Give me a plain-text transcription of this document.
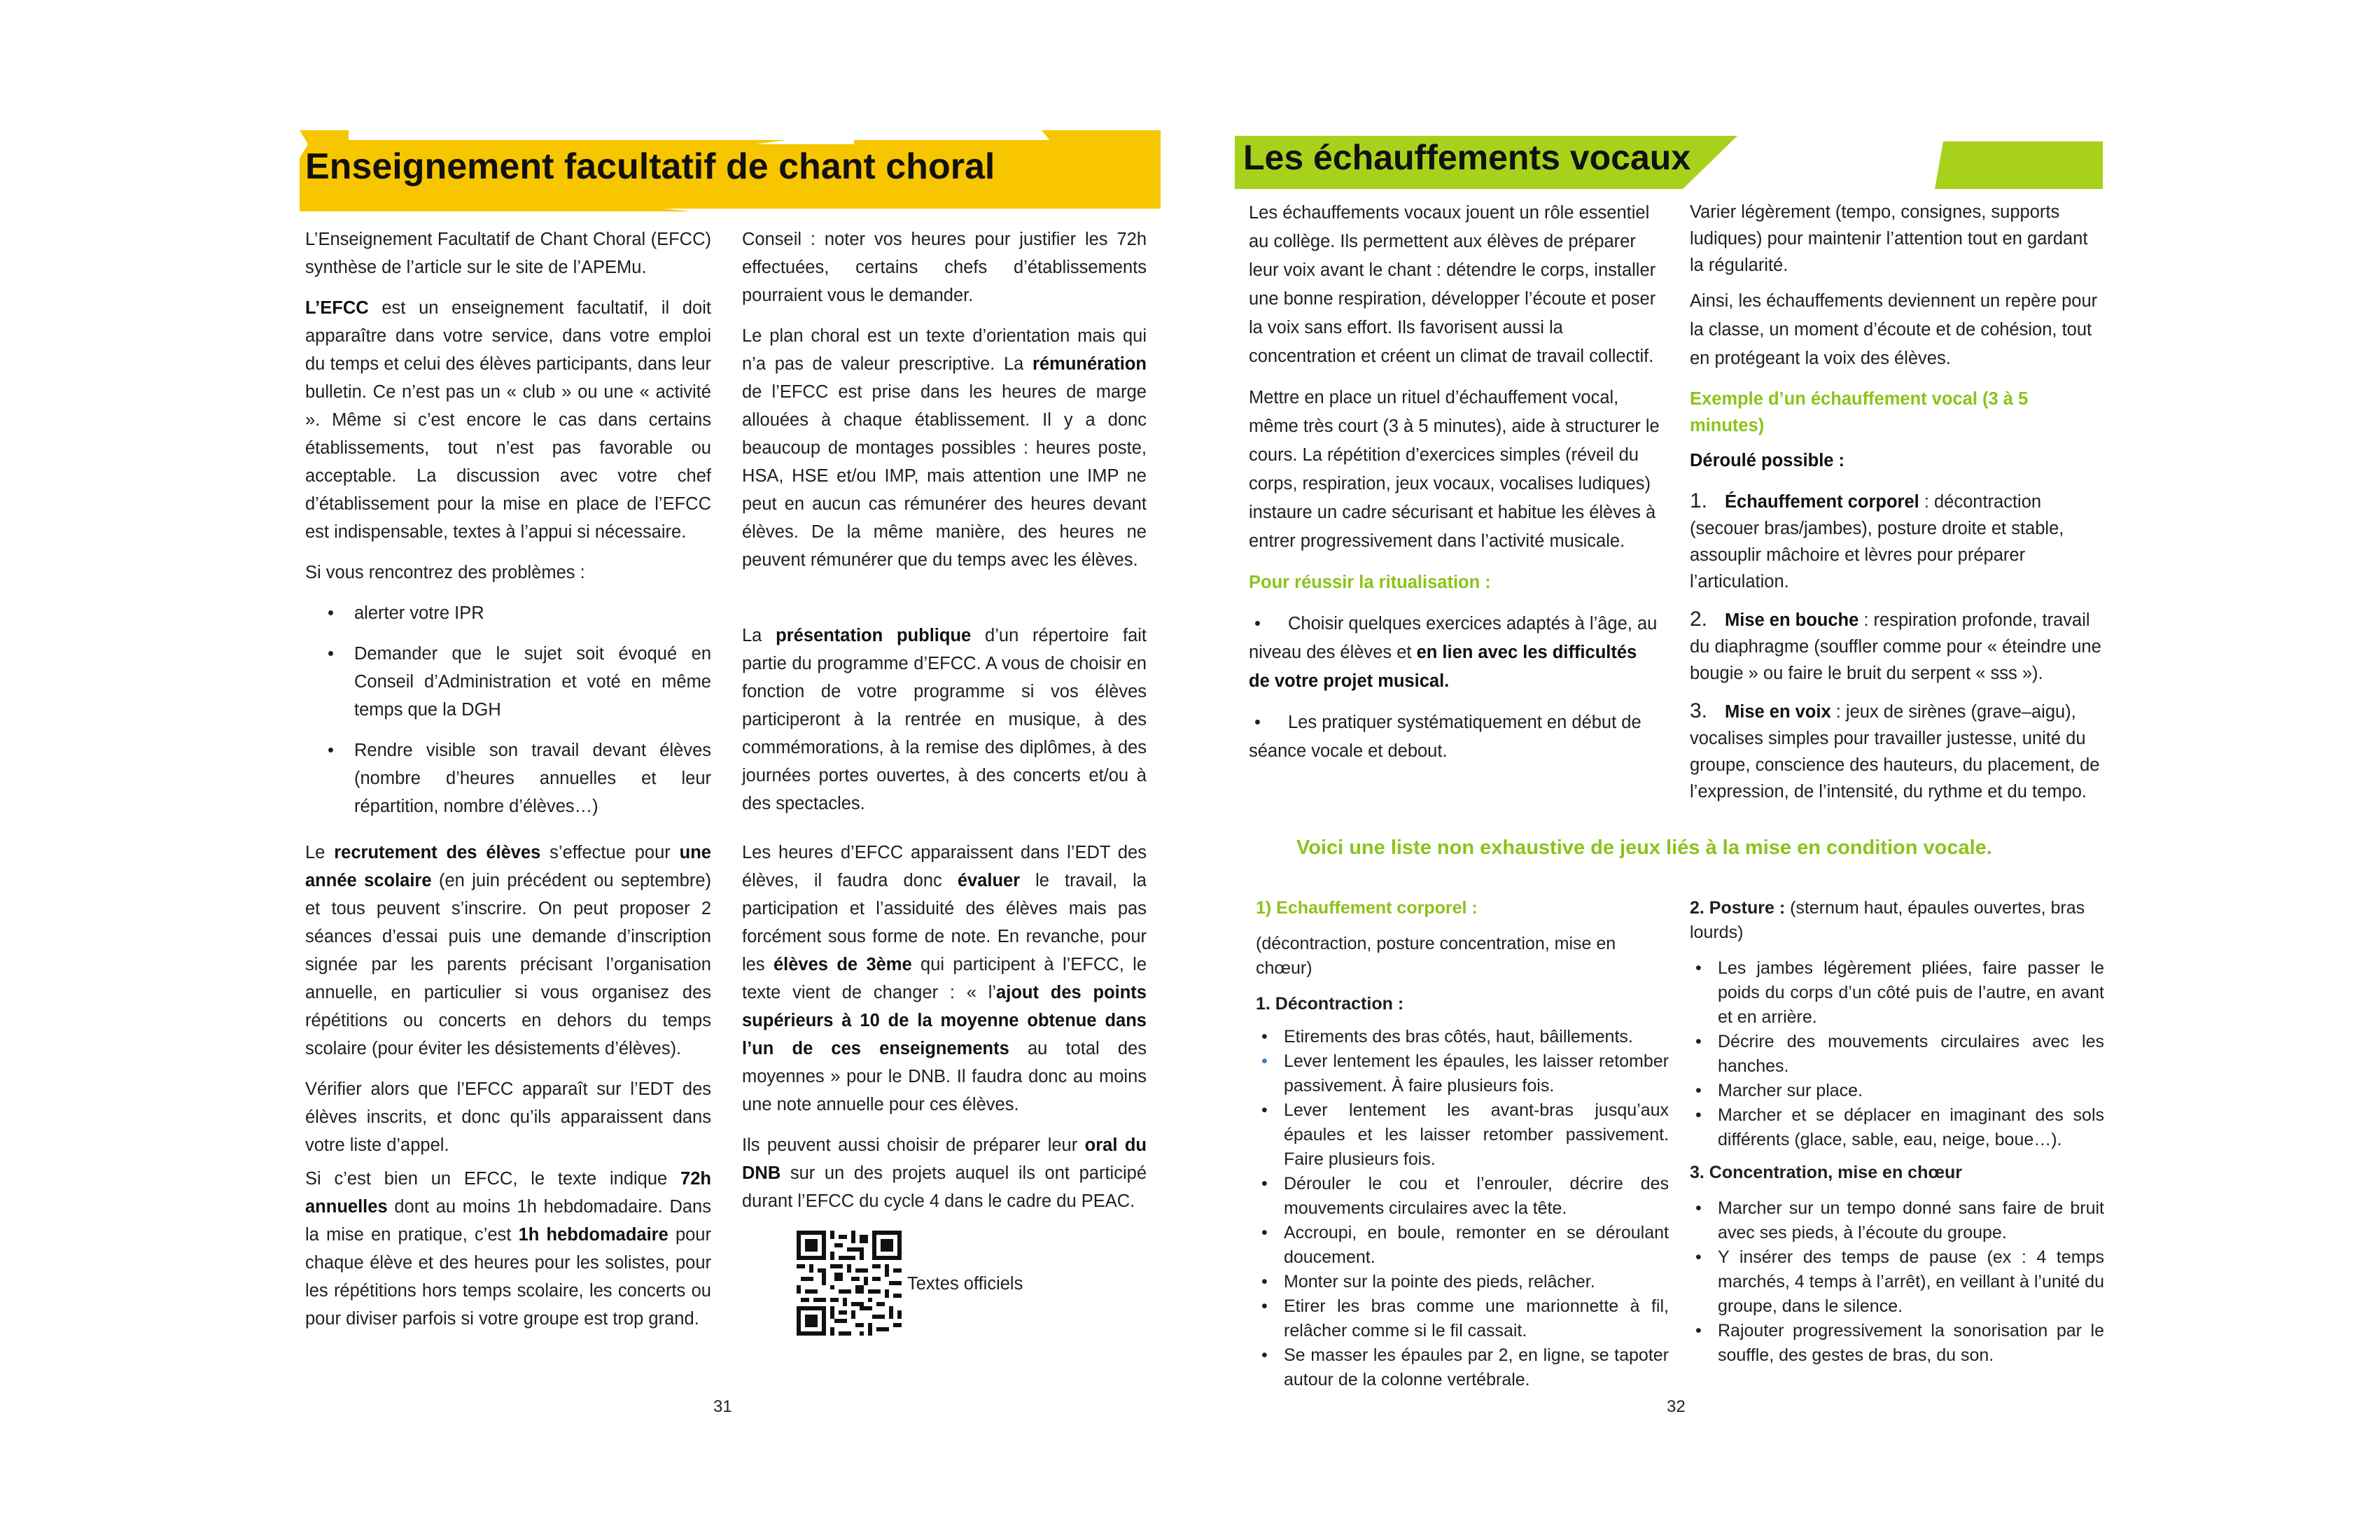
Enseignement facultatif de chant choral

L’Enseignement Facultatif de Chant Choral (EFCC) synthèse de l’article sur le site de l’APEMu.

L’EFCC est un enseignement facultatif, il doit apparaître dans votre service, dans votre emploi du temps et celui des élèves participants, dans leur bulletin. Ce n’est pas un « club » ou une « activité ». Même si c’est encore le cas dans certains établissements, tout n’est pas favorable ou acceptable. La discussion avec votre chef d’établissement pour la mise en place de l’EFCC est indispensable, textes à l’appui si nécessaire.

Si vous rencontrez des problèmes :

• alerter votre IPR
• Demander que le sujet soit évoqué en Conseil d’Administration et voté en même temps que la DGH
• Rendre visible son travail devant élèves (nombre d’heures annuelles et leur répartition, nombre d’élèves…)

Le recrutement des élèves s’effectue pour une année scolaire (en juin précédent ou septembre) et tous peuvent s’inscrire. On peut proposer 2 séances d’essai puis une demande d’inscription signée par les parents précisant l’organisation annuelle, en particulier si vous organisez des répétitions ou concerts en dehors du temps scolaire (pour éviter les désistements d’élèves).

Vérifier alors que l’EFCC apparaît sur l’EDT des élèves inscrits, et donc qu’ils apparaissent dans votre liste d’appel.

Si c’est bien un EFCC, le texte indique 72h annuelles dont au moins 1h hebdomadaire. Dans la mise en pratique, c’est 1h hebdomadaire pour chaque élève et des heures pour les solistes, pour les répétitions hors temps scolaire, les concerts ou pour diviser parfois si votre groupe est trop grand.

Conseil : noter vos heures pour justifier les 72h effectuées, certains chefs d’établissements pourraient vous le demander.

Le plan choral est un texte d’orientation mais qui n’a pas de valeur prescriptive. La rémunération de l’EFCC est prise dans les heures de marge allouées à chaque établissement. Il y a donc beaucoup de montages possibles : heures poste, HSA, HSE et/ou IMP, mais attention une IMP ne peut en aucun cas rémunérer des heures devant élèves. De la même manière, des heures ne peuvent rémunérer que du temps avec les élèves.

La présentation publique d’un répertoire fait partie du programme d’EFCC. A vous de choisir en fonction de votre programme si vos élèves participeront à la rentrée en musique, à des commémorations, à la remise des diplômes, à des journées portes ouvertes, à des concerts et/ou à des spectacles.

Les heures d’EFCC apparaissent dans l’EDT des élèves, il faudra donc évaluer le travail, la participation et l’assiduité des élèves mais pas forcément sous forme de note. En revanche, pour les élèves de 3ème qui participent à l’EFCC, le texte vient de changer : « l’ajout des points supérieurs à 10 de la moyenne obtenue dans l’un de ces enseignements au total des moyennes » pour le DNB. Il faudra donc au moins une note annuelle pour ces élèves.

Ils peuvent aussi choisir de préparer leur oral du DNB sur un des projets auquel ils ont participé durant l’EFCC du cycle 4 dans le cadre du PEAC.

Textes officiels
31
Les échauffements vocaux

Les échauffements vocaux jouent un rôle essentiel au collège. Ils permettent aux élèves de préparer leur voix avant le chant : détendre le corps, installer une bonne respiration, développer l’écoute et poser la voix sans effort. Ils favorisent aussi la concentration et créent un climat de travail collectif.

Mettre en place un rituel d’échauffement vocal, même très court (3 à 5 minutes), aide à structurer le cours. La répétition d’exercices simples (réveil du corps, respiration, jeux vocaux, vocalises ludiques) instaure un cadre sécurisant et habitue les élèves à entrer progressivement dans l’activité musicale.

Pour réussir la ritualisation :

• Choisir quelques exercices adaptés à l’âge, au niveau des élèves et en lien avec les difficultés de votre projet musical.

• Les pratiquer systématiquement en début de séance vocale et debout.

Varier légèrement (tempo, consignes, supports ludiques) pour maintenir l’attention tout en gardant la régularité.

Ainsi, les échauffements deviennent un repère pour la classe, un moment d’écoute et de cohésion, tout en protégeant la voix des élèves.

Exemple d’un échauffement vocal (3 à 5 minutes)

Déroulé possible :

1. Échauffement corporel : décontraction (secouer bras/jambes), posture droite et stable, assouplir mâchoire et lèvres pour préparer l’articulation.

2. Mise en bouche : respiration profonde, travail du diaphragme (souffler comme pour « éteindre une bougie » ou faire le bruit du serpent « sss »).

3. Mise en voix : jeux de sirènes (grave–aigu), vocalises simples pour travailler justesse, unité du groupe, conscience des hauteurs, du placement, de l’expression, de l’intensité, du rythme et du tempo.

Voici une liste non exhaustive de jeux liés à la mise en condition vocale.

1) Echauffement corporel :

(décontraction, posture concentration, mise en chœur)

1. Décontraction :

• Etirements des bras côtés, haut, bâillements.
• Lever lentement les épaules, les laisser retomber passivement. À faire plusieurs fois.
• Lever lentement les avant-bras jusqu’aux épaules et les laisser retomber passivement. Faire plusieurs fois.
• Dérouler le cou et l’enrouler, décrire des mouvements circulaires avec la tête.
• Accroupi, en boule, remonter en se déroulant doucement.
• Monter sur la pointe des pieds, relâcher.
• Etirer les bras comme une marionnette à fil, relâcher comme si le fil cassait.
• Se masser les épaules par 2, en ligne, se tapoter autour de la colonne vertébrale.

2. Posture : (sternum haut, épaules ouvertes, bras lourds)

• Les jambes légèrement pliées, faire passer le poids du corps d’un côté puis de l’autre, en avant et en arrière.
• Décrire des mouvements circulaires avec les hanches.
• Marcher sur place.
• Marcher et se déplacer en imaginant des sols différents (glace, sable, eau, neige, boue…).

3. Concentration, mise en chœur

• Marcher sur un tempo donné sans faire de bruit avec ses pieds, à l’écoute du groupe.
• Y insérer des temps de pause (ex : 4 temps marchés, 4 temps à l’arrêt), en veillant à l’unité du groupe, dans le silence.
• Rajouter progressivement la sonorisation par le souffle, des gestes de bras, du son.
32
